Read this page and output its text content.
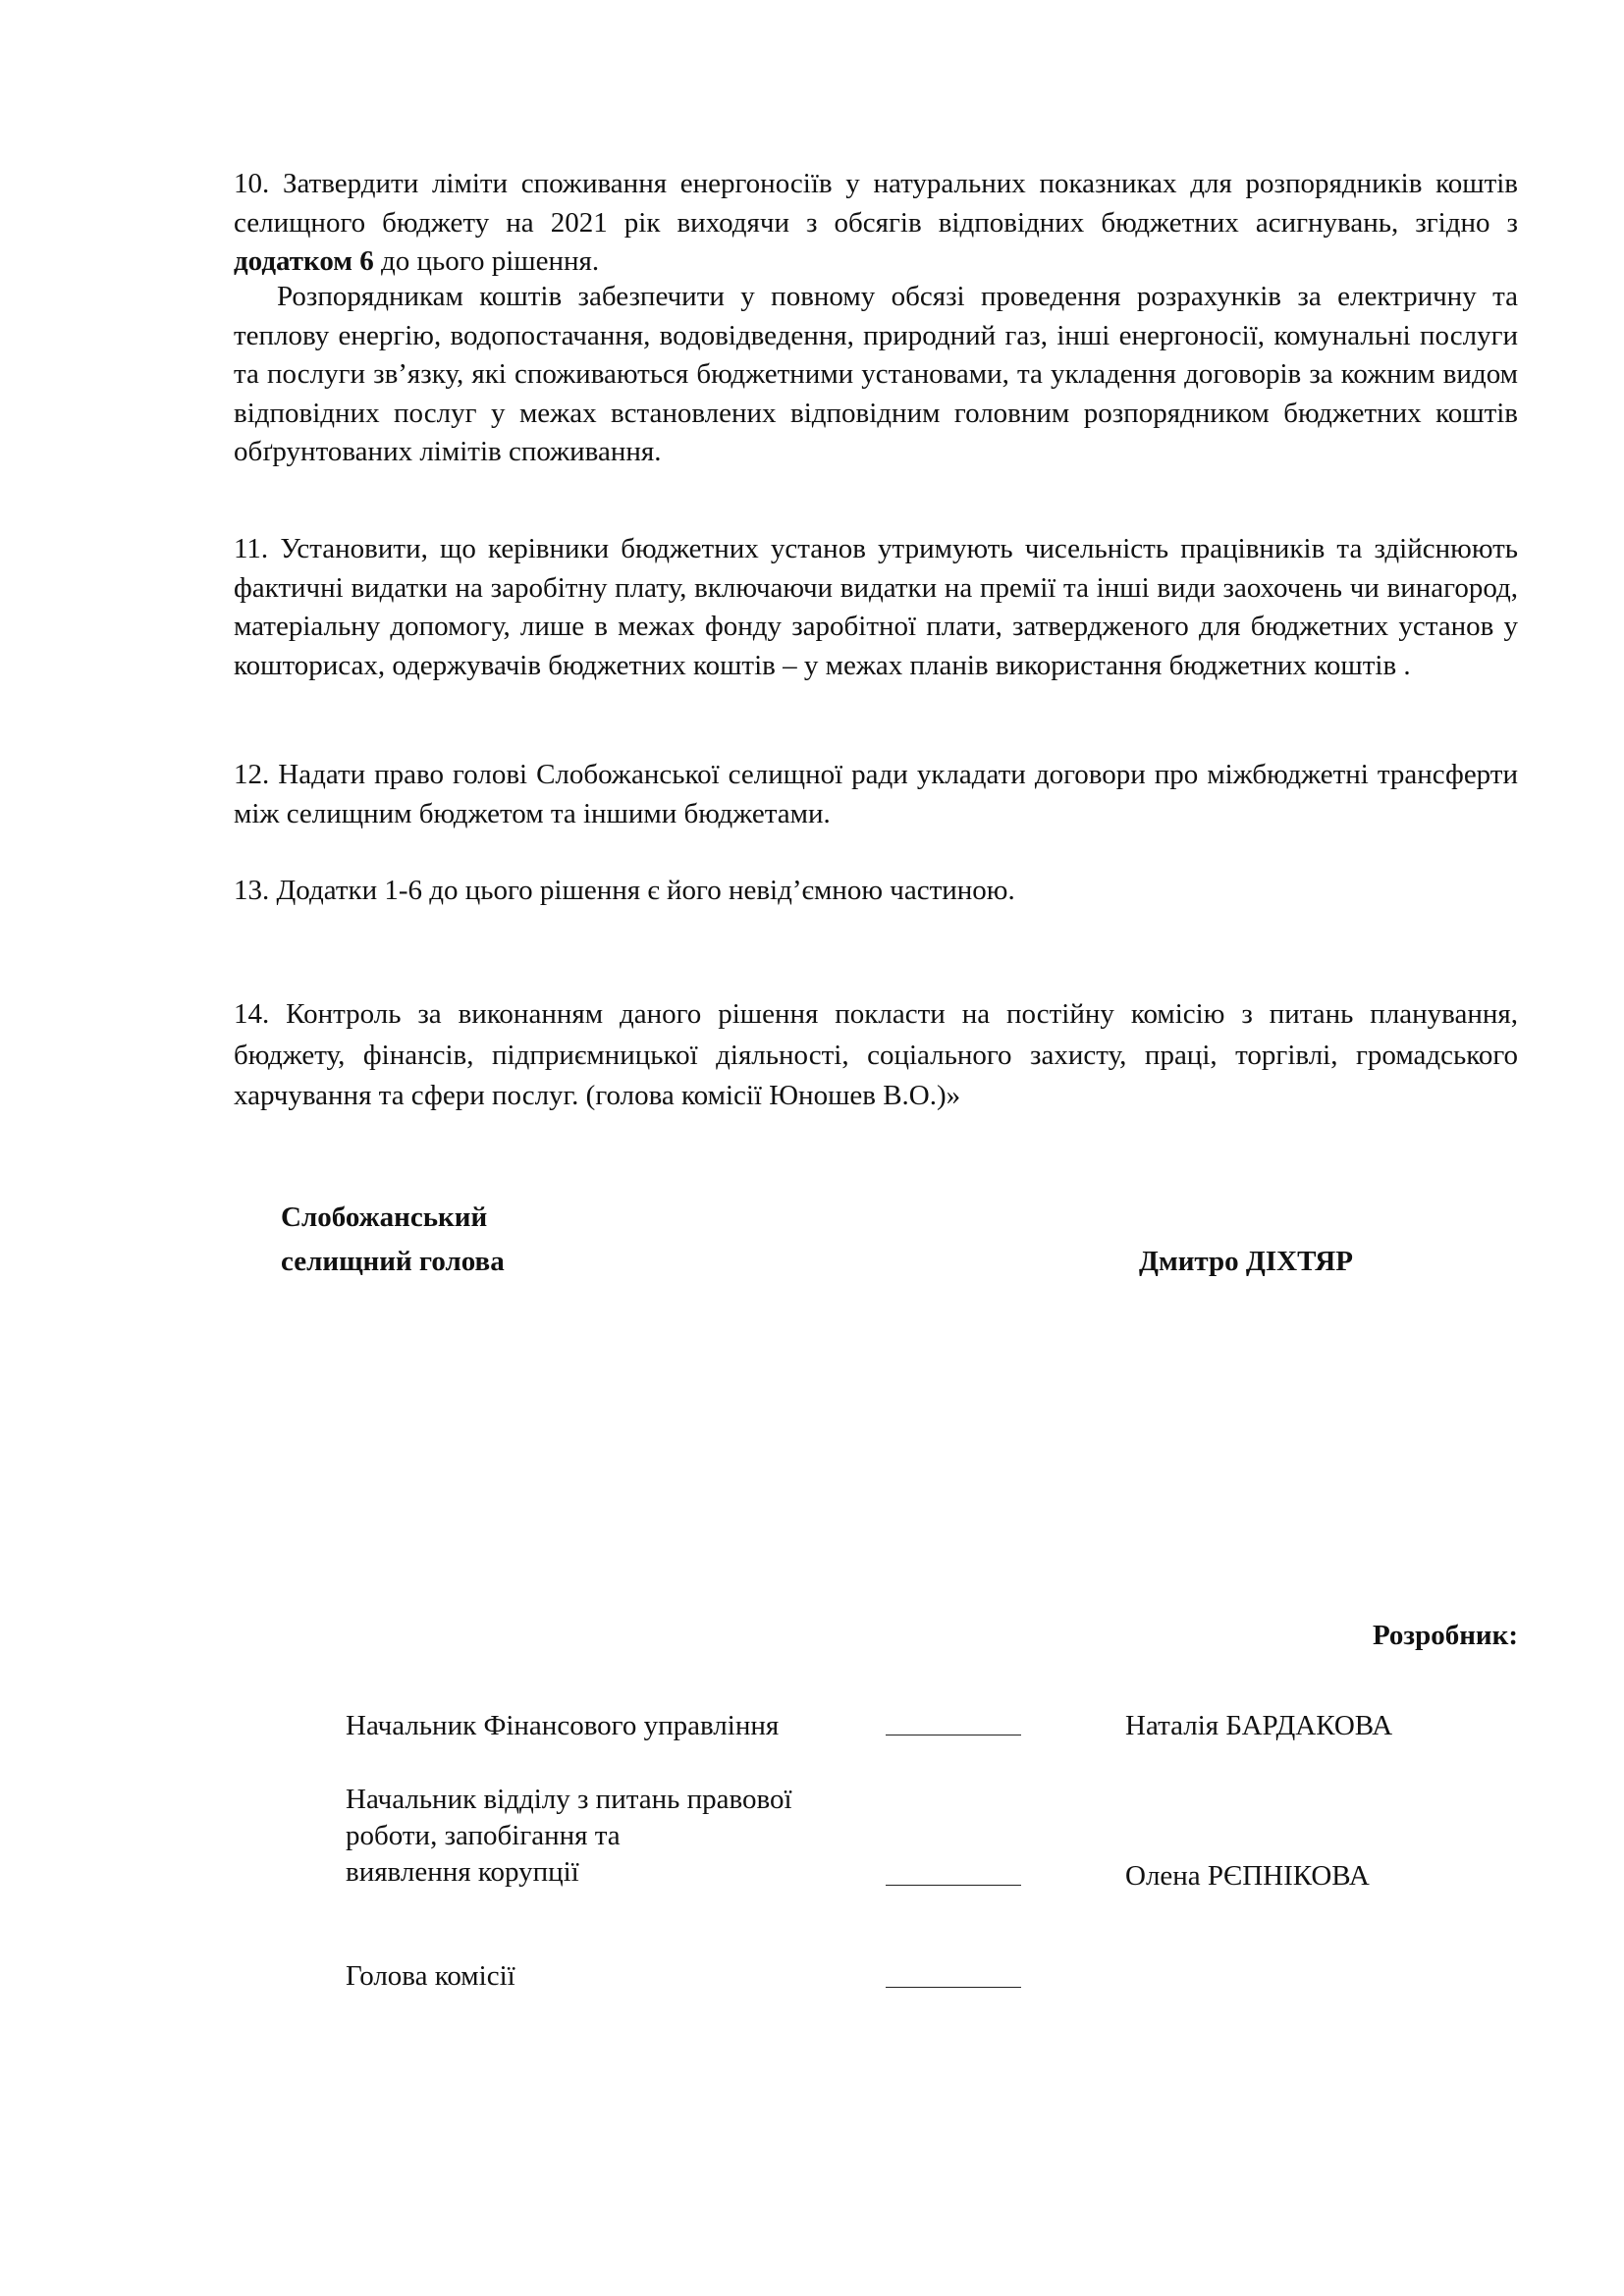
10. Затвердити ліміти споживання енергоносіїв у натуральних показниках для розпорядників коштів селищного бюджету на 2021 рік виходячи з обсягів відповідних бюджетних асигнувань, згідно з додатком 6 до цього рішення.

Розпорядникам коштів забезпечити у повному обсязі проведення розрахунків за електричну та теплову енергію, водопостачання, водовідведення, природний газ, інші енергоносії, комунальні послуги та послуги зв’язку, які споживаються бюджетними установами, та укладення договорів за кожним видом відповідних послуг у межах встановлених відповідним головним розпорядником бюджетних коштів обґрунтованих лімітів споживання.

11. Установити, що керівники бюджетних установ утримують чисельність працівників та здійснюють фактичні видатки на заробітну плату, включаючи видатки на премії та інші види заохочень чи винагород, матеріальну допомогу, лише в межах фонду заробітної плати, затвердженого для бюджетних установ у кошторисах, одержувачів бюджетних коштів – у межах планів використання бюджетних коштів .

12. Надати право голові Слобожанської селищної ради укладати договори про міжбюджетні трансферти між селищним бюджетом та іншими бюджетами.

13. Додатки 1-6 до цього рішення є його невід’ємною частиною.

14. Контроль за виконанням даного рішення покласти на постійну комісію з питань планування, бюджету, фінансів, підприємницької діяльності, соціального захисту, праці, торгівлі, громадського харчування та сфери послуг. (голова комісії Юношев В.О.)»

Слобожанський
селищний голова	Дмитро ДІХТЯР
Розробник:
Начальник Фінансового управління	Наталія БАРДАКОВА
Начальник відділу з питань правової
роботи, запобігання та
виявлення корупції	Олена РЄПНІКОВА
Голова комісії
